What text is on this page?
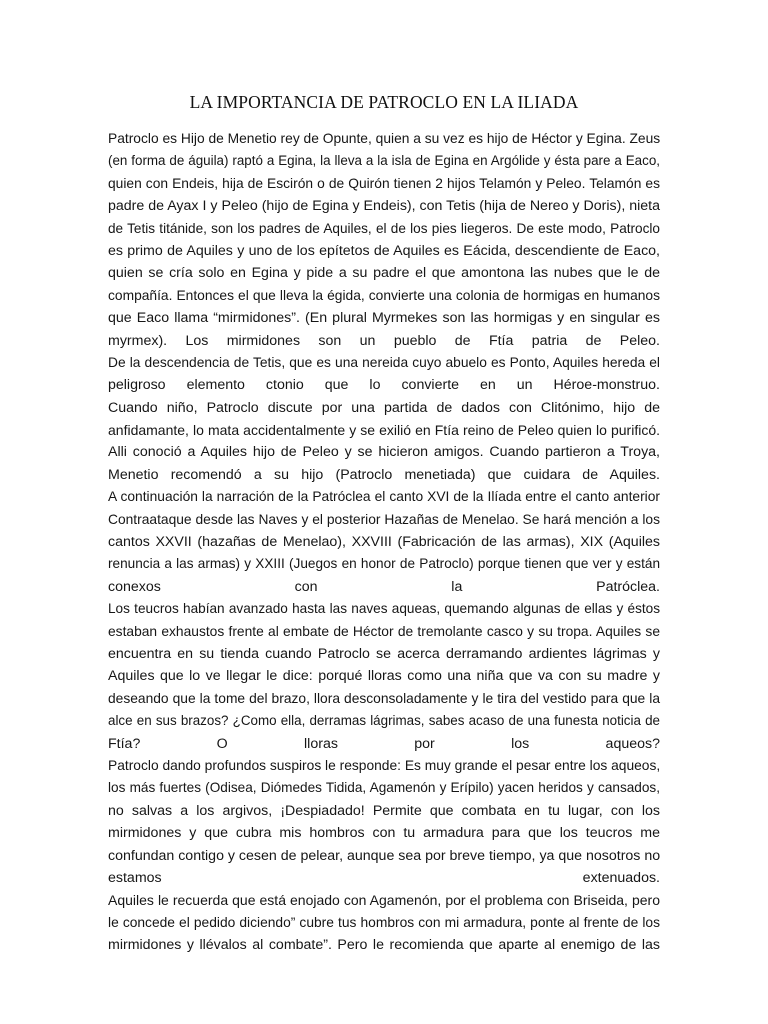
LA IMPORTANCIA DE PATROCLO EN LA ILIADA
Patroclo es Hijo de Menetio rey de Opunte, quien a su vez es hijo de Héctor y Egina. Zeus
(en forma de águila) raptó a Egina, la lleva a la isla de Egina en Argólide y ésta pare a Eaco,
quien con Endeis, hija de Escirón o de Quirón tienen 2 hijos Telamón y Peleo. Telamón es
padre de Ayax I y Peleo (hijo de Egina y Endeis), con Tetis (hija de Nereo y Doris), nieta
de Tetis titánide, son los padres de Aquiles, el de los pies liegeros. De este modo, Patroclo
es primo de Aquiles y uno de los epítetos de Aquiles es Eácida, descendiente de Eaco,
quien se cría solo en Egina y pide a su padre el que amontona las nubes que le de
compañía. Entonces el que lleva la égida, convierte una colonia de hormigas en humanos
que Eaco llama “mirmidones”. (En plural Myrmekes son las hormigas y en singular es
myrmex). Los mirmidones son un pueblo de Ftía patria de Peleo.
De la descendencia de Tetis, que es una nereida cuyo abuelo es Ponto, Aquiles hereda el
peligroso elemento ctonio que lo convierte en un Héroe-monstruo.
Cuando niño, Patroclo discute por una partida de dados con Clitónimo, hijo de
anfidamante, lo mata accidentalmente y se exilió en Ftía reino de Peleo quien lo purificó.
Alli conoció a Aquiles hijo de Peleo y se hicieron amigos. Cuando partieron a Troya,
Menetio recomendó a su hijo (Patroclo menetiada) que cuidara de Aquiles.
A continuación la narración de la Patróclea el canto XVI de la Ilíada entre el canto anterior
Contraataque desde las Naves y el posterior Hazañas de Menelao. Se hará mención a los
cantos XXVII (hazañas de Menelao), XXVIII (Fabricación de las armas), XIX (Aquiles
renuncia a las armas) y XXIII (Juegos en honor de Patroclo) porque tienen que ver y están
conexos con la Patróclea.
Los teucros habían avanzado hasta las naves aqueas, quemando algunas de ellas y éstos
estaban exhaustos frente al embate de Héctor de tremolante casco y su tropa. Aquiles se
encuentra en su tienda cuando Patroclo se acerca derramando ardientes lágrimas y
Aquiles que lo ve llegar le dice: porqué lloras como una niña que va con su madre y
deseando que la tome del brazo, llora desconsoladamente y le tira del vestido para que la
alce en sus brazos? ¿Como ella, derramas lágrimas, sabes acaso de una funesta noticia de
Ftía? O lloras por los aqueos?
Patroclo dando profundos suspiros le responde: Es muy grande el pesar entre los aqueos,
los más fuertes (Odisea, Diómedes Tidida, Agamenón y Erípilo) yacen heridos y cansados,
no salvas a los argivos, ¡Despiadado! Permite que combata en tu lugar, con los
mirmidones y que cubra mis hombros con tu armadura para que los teucros me
confundan contigo y cesen de pelear, aunque sea por breve tiempo, ya que nosotros no
estamos extenuados.
Aquiles le recuerda que está enojado con Agamenón, por el problema con Briseida, pero
le concede el pedido diciendo” cubre tus hombros con mi armadura, ponte al frente de los
mirmidones y llévalos al combate”. Pero le recomienda que aparte al enemigo de las
